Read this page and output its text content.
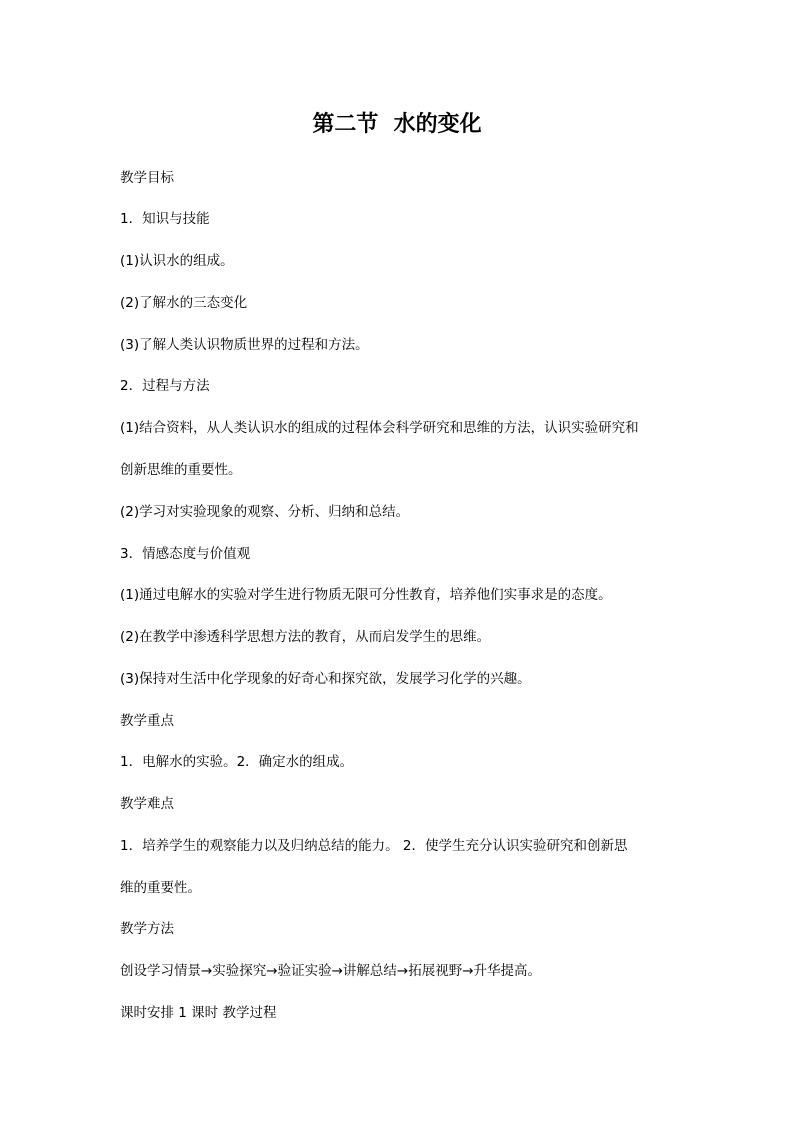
第二节  水的变化
教学目标
1．知识与技能
(1)认识水的组成。
(2)了解水的三态变化
(3)了解人类认识物质世界的过程和方法。
2．过程与方法
(1)结合资料，从人类认识水的组成的过程体会科学研究和思维的方法，认识实验研究和
创新思维的重要性。
(2)学习对实验现象的观察、分析、归纳和总结。
3．情感态度与价值观
(1)通过电解水的实验对学生进行物质无限可分性教育，培养他们实事求是的态度。
(2)在教学中渗透科学思想方法的教育，从而启发学生的思维。
(3)保持对生活中化学现象的好奇心和探究欲，发展学习化学的兴趣。
教学重点
1．电解水的实验。2．确定水的组成。
教学难点
1．培养学生的观察能力以及归纳总结的能力。 2．使学生充分认识实验研究和创新思
维的重要性。
教学方法
创设学习情景→实验探究→验证实验→讲解总结→拓展视野→升华提高。
课时安排 1 课时 教学过程
